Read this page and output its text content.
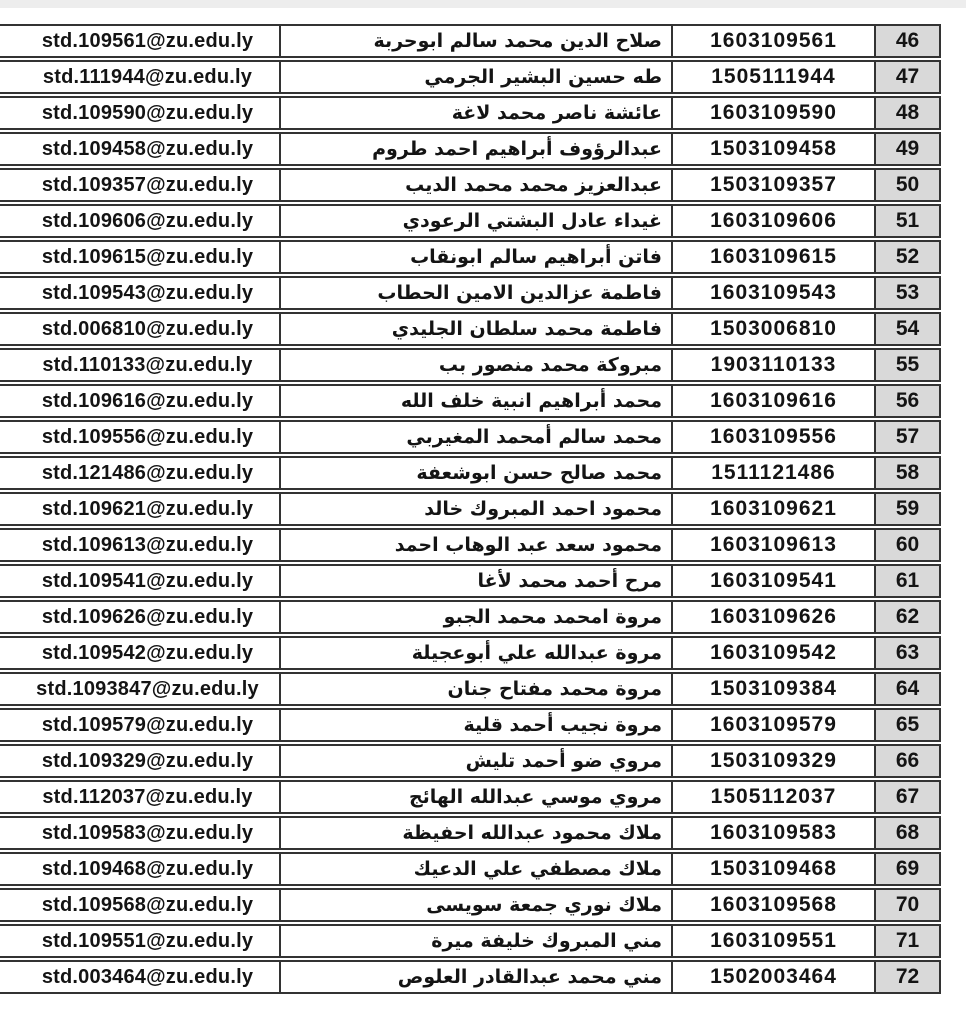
std.109561@zu.edu.ly	صلاح الدين محمد سالم ابوحربة	1603109561	46
std.111944@zu.edu.ly	طه حسين البشير الجرمي	1505111944	47
std.109590@zu.edu.ly	عائشة ناصر محمد لاغة	1603109590	48
std.109458@zu.edu.ly	عبدالرؤوف أبراهيم احمد طروم	1503109458	49
std.109357@zu.edu.ly	عبدالعزيز محمد محمد الديب	1503109357	50
std.109606@zu.edu.ly	غيداء عادل البشتي الرعودي	1603109606	51
std.109615@zu.edu.ly	فاتن أبراهيم سالم ابونقاب	1603109615	52
std.109543@zu.edu.ly	فاطمة عزالدين الامين الحطاب	1603109543	53
std.006810@zu.edu.ly	فاطمة محمد سلطان الجليدي	1503006810	54
std.110133@zu.edu.ly	مبروكة محمد منصور بب	1903110133	55
std.109616@zu.edu.ly	محمد أبراهيم انبية خلف الله	1603109616	56
std.109556@zu.edu.ly	محمد سالم أمحمد المغيربي	1603109556	57
std.121486@zu.edu.ly	محمد صالح حسن ابوشعفة	1511121486	58
std.109621@zu.edu.ly	محمود احمد المبروك خالد	1603109621	59
std.109613@zu.edu.ly	محمود سعد عبد الوهاب احمد	1603109613	60
std.109541@zu.edu.ly	مرح أحمد محمد لأغا	1603109541	61
std.109626@zu.edu.ly	مروة امحمد محمد الجبو	1603109626	62
std.109542@zu.edu.ly	مروة عبدالله علي أبوعجيلة	1603109542	63
std.1093847@zu.edu.ly	مروة محمد مفتاح جنان	1503109384	64
std.109579@zu.edu.ly	مروة نجيب أحمد قلية	1603109579	65
std.109329@zu.edu.ly	مروي ضو أحمد تليش	1503109329	66
std.112037@zu.edu.ly	مروي موسي عبدالله الهائج	1505112037	67
std.109583@zu.edu.ly	ملاك محمود عبدالله احفيظة	1603109583	68
std.109468@zu.edu.ly	ملاك مصطفي علي الدعيك	1503109468	69
std.109568@zu.edu.ly	ملاك نوري جمعة سويسى	1603109568	70
std.109551@zu.edu.ly	مني المبروك خليفة ميرة	1603109551	71
std.003464@zu.edu.ly	مني محمد عبدالقادر العلوص	1502003464	72
